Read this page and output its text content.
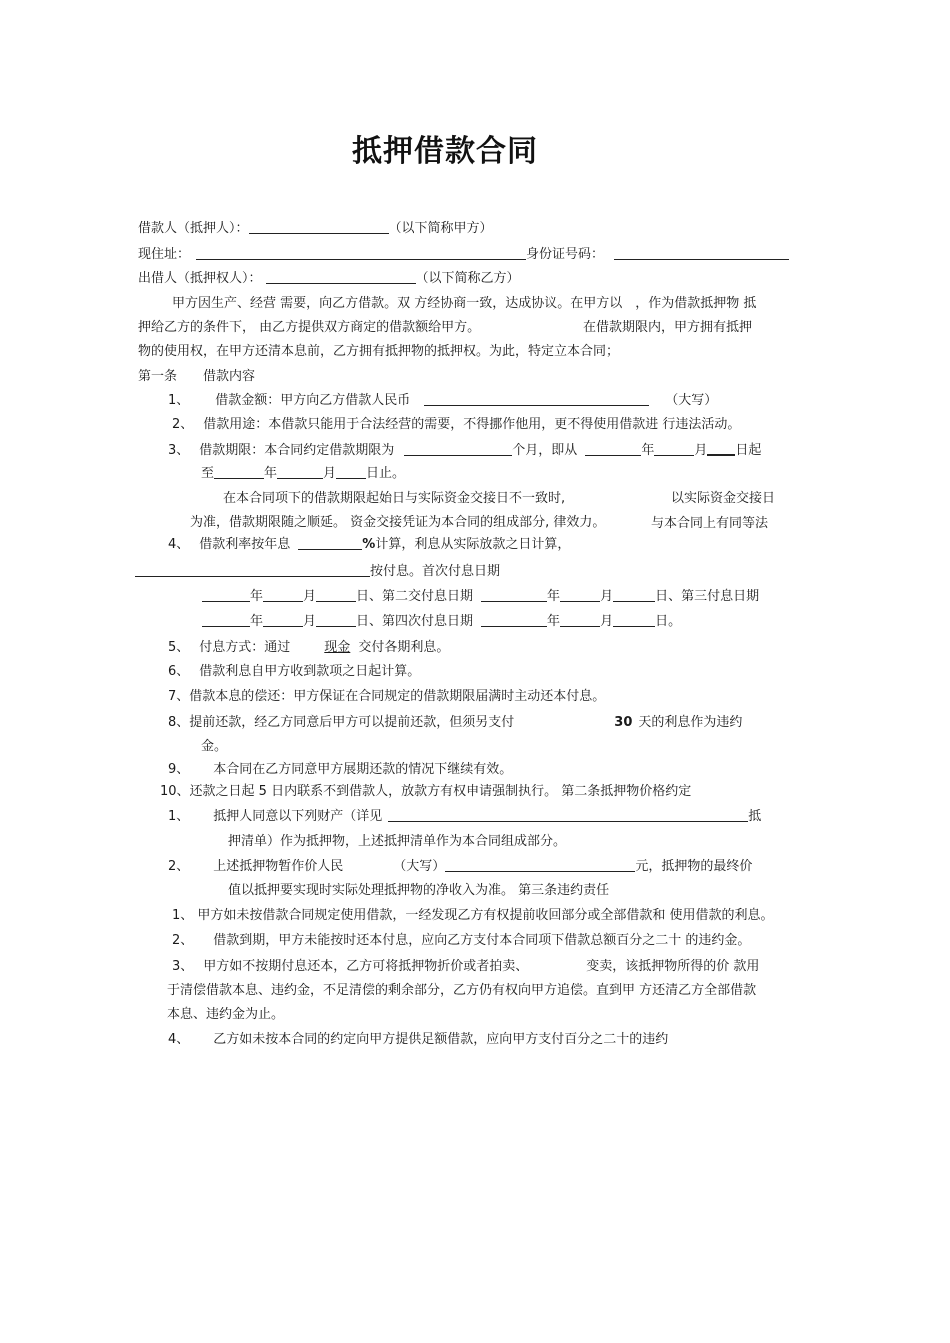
抵押借款合同
借款人（抵押人）：	（以下简称甲方）
现住址：	身份证号码：
出借人（抵押权人）：	（以下简称乙方）
甲方因生产、经营 需要，向乙方借款。双 方经协商一致，达成协议。在甲方以　，作为借款抵押物 抵
押给乙方的条件下， 由乙方提供双方商定的借款额给甲方。	在借款期限内，甲方拥有抵押
物的使用权，在甲方还清本息前，乙方拥有抵押物的抵押权。为此，特定立本合同；
第一条 借款内容
1、 借款金额：甲方向乙方借款人民币	（大写）
2、 借款用途：本借款只能用于合法经营的需要，不得挪作他用，更不得使用借款进 行违法活动。
3、 借款期限：本合同约定借款期限为	个月，即从	年	月 日起
至	年	月 日止。
在本合同项下的借款期限起始日与实际资金交接日不一致时,	以实际资金交接日
为准，借款期限随之顺延。 资金交接凭证为本合同的组成部分, 律效力。	与本合同上有同等法
4、 借款利率按年息	%计算，利息从实际放款之日计算，
按付息。首次付息日期
年	月	日、第二交付息日期	年	月	日、第三付息日期
年	月	日、第四次付息日期	年	月	日。
5、 付息方式：通过	现金 交付各期利息。
6、 借款利息自甲方收到款项之日起计算。
7、借款本息的偿还：甲方保证在合同规定的借款期限届满时主动还本付息。
8、提前还款，经乙方同意后甲方可以提前还款，但须另支付	30 天的利息作为违约
金。
9、 本合同在乙方同意甲方展期还款的情况下继续有效。
10、还款之日起 5 日内联系不到借款人，放款方有权申请强制执行。 第二条抵押物价格约定
1、 抵押人同意以下列财产（详见	抵
押清单）作为抵押物，上述抵押清单作为本合同组成部分。
2、 上述抵押物暂作价人民	（大写）	元，抵押物的最终价
值以抵押要实现时实际处理抵押物的净收入为准。 第三条违约责任
1、 甲方如未按借款合同规定使用借款，一经发现乙方有权提前收回部分或全部借款和 使用借款的利息。
2、 借款到期，甲方未能按时还本付息，应向乙方支付本合同项下借款总额百分之二十 的违约金。
3、 甲方如不按期付息还本，乙方可将抵押物折价或者拍卖、	变卖，该抵押物所得的价 款用
于清偿借款本息、违约金，不足清偿的剩余部分，乙方仍有权向甲方追偿。直到甲 方还清乙方全部借款
本息、违约金为止。
4、 乙方如未按本合同的约定向甲方提供足额借款，应向甲方支付百分之二十的违约
